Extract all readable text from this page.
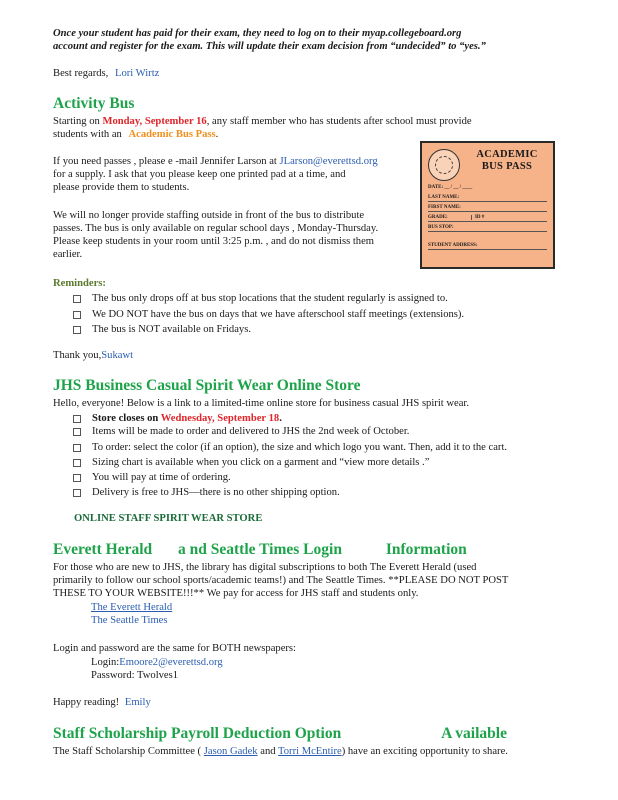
Once your student has paid for their exam, they need to log on to their myap.collegeboard.org
account and register for the exam. This will update their exam decision from “undecided” to “yes.”
Best regards, Lori Wirtz
Activity Bus
Starting on Monday, September 16, any staff member who has students after school must provide
students with an Academic Bus Pass.
If you need passes , please e -mail Jennifer Larson at JLarson@everettsd.org
for a supply. I ask that you please keep one printed pad at a time, and
please provide them to students.
We will no longer provide staffing outside in front of the bus to distribute
passes. The bus is only available on regular school days , Monday-Thursday.
Please keep students in your room until 3:25 p.m. , and do not dismiss them
earlier.
ACADEMIC
BUS PASS
DATE: __ / __ / ____
LAST NAME:
FIRST NAME:
GRADE:	ID #
BUS STOP:
STUDENT ADDRESS:
Reminders:
The bus only drops off at bus stop locations that the student regularly is assigned to.
We DO NOT have the bus on days that we have afterschool staff meetings (extensions).
The bus is NOT available on Fridays.
Thank you,Sukawt
JHS Business Casual Spirit Wear Online Store
Hello, everyone! Below is a link to a limited-time online store for business casual JHS spirit wear.
Store closes on Wednesday, September 18.
Items will be made to order and delivered to JHS the 2nd week of October.
To order: select the color (if an option), the size and which logo you want. Then, add it to the cart.
Sizing chart is available when you click on a garment and “view more details .”
You will pay at time of ordering.
Delivery is free to JHS—there is no other shipping option.
ONLINE STAFF SPIRIT WEAR STORE
Everett Herald a nd Seattle Times Login	Information
For those who are new to JHS, the library has digital subscriptions to both The Everett Herald (used
primarily to follow our school sports/academic teams!) and The Seattle Times. **PLEASE DO NOT POST
THESE TO YOUR WEBSITE!!!** We pay for access for JHS staff and students only.
The Everett Herald
The Seattle Times
Login and password are the same for BOTH newspapers:
Login:Emoore2@everettsd.org
Password: Twolves1
Happy reading! Emily
Staff Scholarship Payroll Deduction Option	A vailable
The Staff Scholarship Committee ( Jason Gadek and Torri McEntire) have an exciting opportunity to share.
